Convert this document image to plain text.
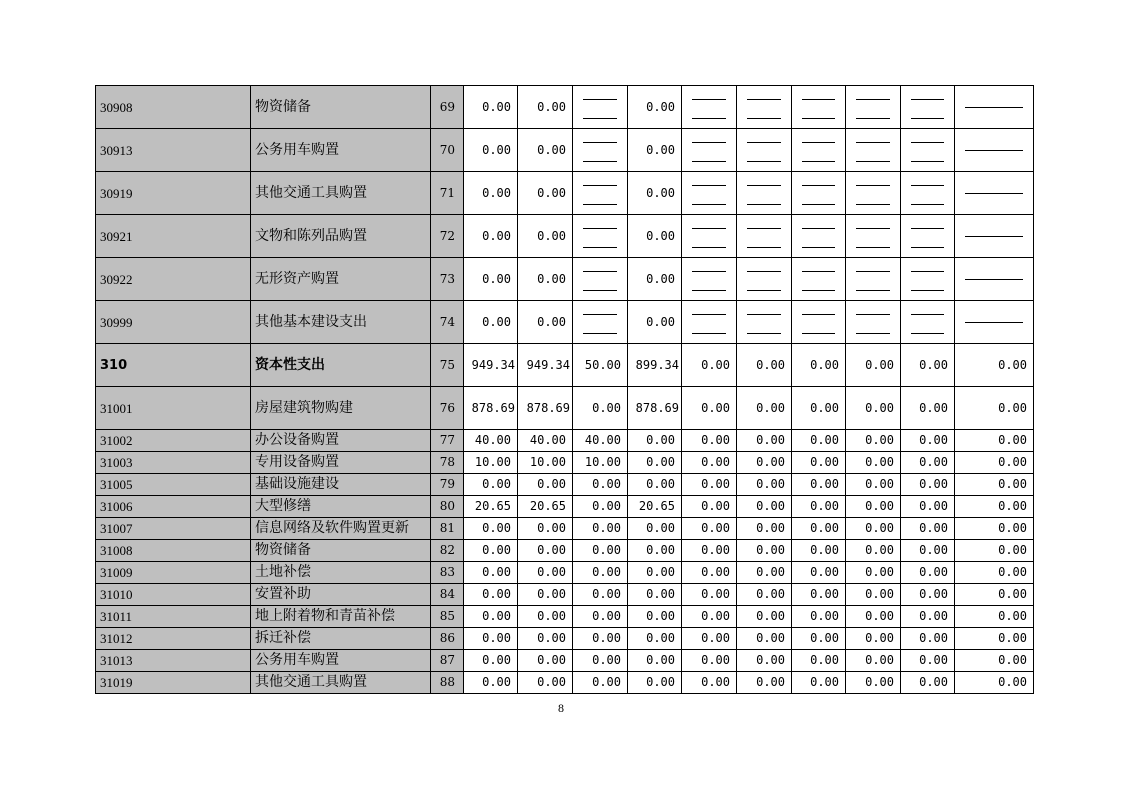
30908	物资储备	69	0.00	0.00		0.00	

30913	公务用车购置	70	0.00	0.00		0.00	

30919	其他交通工具购置	71	0.00	0.00		0.00	

30921	文物和陈列品购置	72	0.00	0.00		0.00	

30922	无形资产购置	73	0.00	0.00		0.00	

30999	其他基本建设支出	74	0.00	0.00		0.00	

310	资本性支出	75	949.34	949.34	50.00	899.34	0.00	0.00	0.00	0.00	0.00	0.00
31001	房屋建筑物购建	76	878.69	878.69	0.00	878.69	0.00	0.00	0.00	0.00	0.00	0.00
31002	办公设备购置	77	40.00	40.00	40.00	0.00	0.00	0.00	0.00	0.00	0.00	0.00
31003	专用设备购置	78	10.00	10.00	10.00	0.00	0.00	0.00	0.00	0.00	0.00	0.00
31005	基础设施建设	79	0.00	0.00	0.00	0.00	0.00	0.00	0.00	0.00	0.00	0.00
31006	大型修缮	80	20.65	20.65	0.00	20.65	0.00	0.00	0.00	0.00	0.00	0.00
31007	信息网络及软件购置更新	81	0.00	0.00	0.00	0.00	0.00	0.00	0.00	0.00	0.00	0.00
31008	物资储备	82	0.00	0.00	0.00	0.00	0.00	0.00	0.00	0.00	0.00	0.00
31009	土地补偿	83	0.00	0.00	0.00	0.00	0.00	0.00	0.00	0.00	0.00	0.00
31010	安置补助	84	0.00	0.00	0.00	0.00	0.00	0.00	0.00	0.00	0.00	0.00
31011	地上附着物和青苗补偿	85	0.00	0.00	0.00	0.00	0.00	0.00	0.00	0.00	0.00	0.00
31012	拆迁补偿	86	0.00	0.00	0.00	0.00	0.00	0.00	0.00	0.00	0.00	0.00
31013	公务用车购置	87	0.00	0.00	0.00	0.00	0.00	0.00	0.00	0.00	0.00	0.00
31019	其他交通工具购置	88	0.00	0.00	0.00	0.00	0.00	0.00	0.00	0.00	0.00	0.00
8
